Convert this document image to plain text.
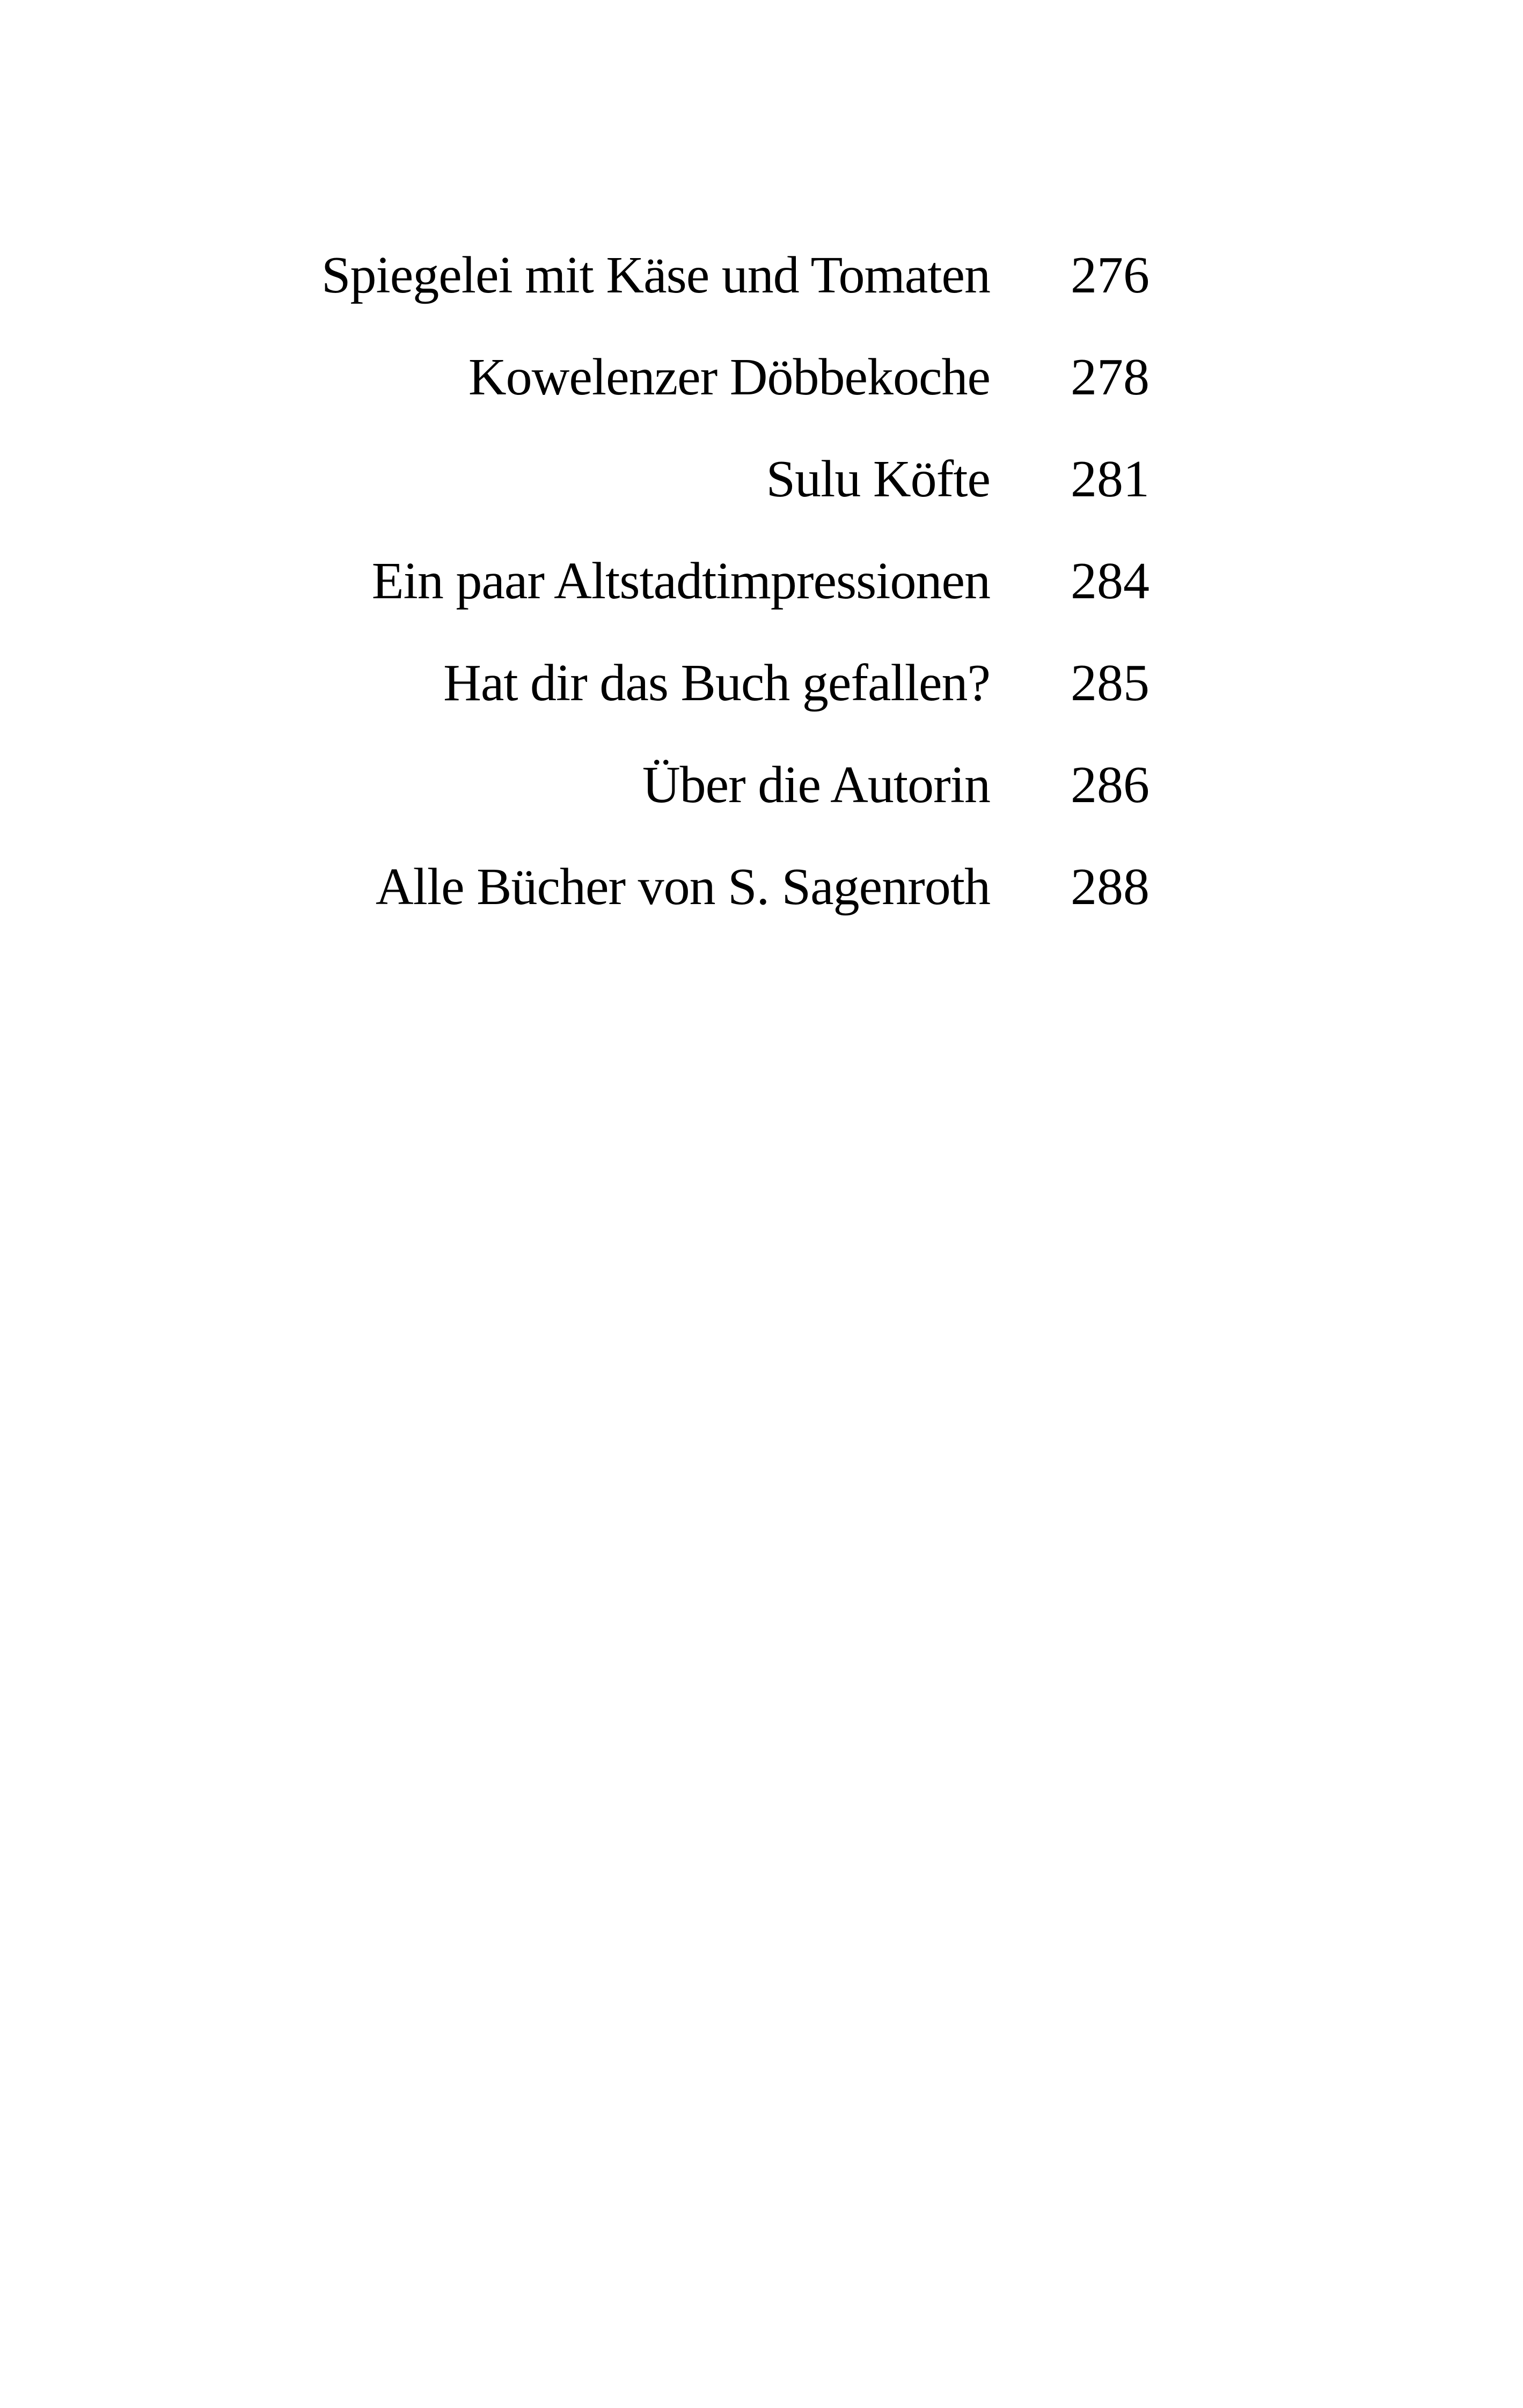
Spiegelei mit Käse und Tomaten 276
Kowelenzer Döbbekoche 278
Sulu Köfte 281
Ein paar Altstadtimpressionen 284
Hat dir das Buch gefallen? 285
Über die Autorin 286
Alle Bücher von S. Sagenroth 288
